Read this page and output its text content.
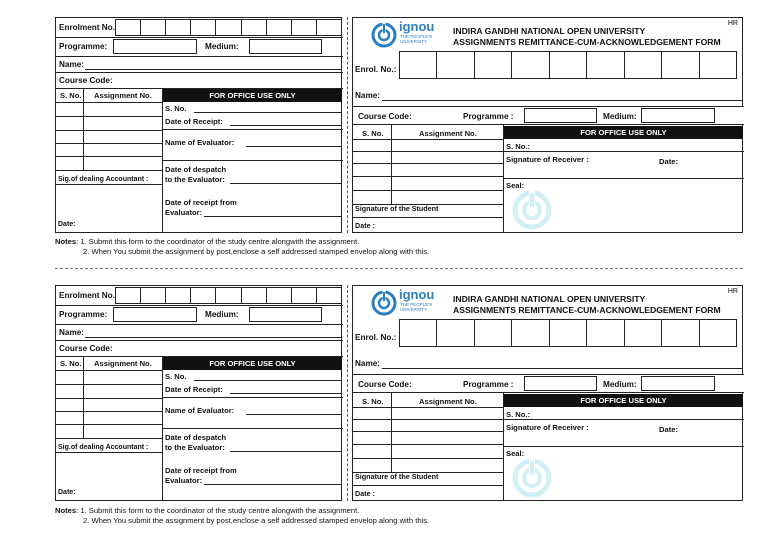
Enrolment No.
Programme:	Medium:
Name:
Course Code:
S. No. Assignment No.
Sig.of dealing Accountant :
Date:
FOR OFFICE USE ONLY
S. No.
Date of Receipt:
Name of Evaluator:
Date of despatch
to the Evaluator:
Date of receipt from
Evaluator:
HR
ignou
THE PEOPLE'S
UNIVERSITY
INDIRA GANDHI NATIONAL OPEN UNIVERSITY
ASSIGNMENTS REMITTANCE-CUM-ACKNOWLEDGEMENT FORM
Enrol. No.:
Name:
Course Code:	Programme :	Medium:
S. No.	Assignment No.
Signature of the Student
Date :
FOR OFFICE USE ONLY
S. No.:
Signature of Receiver :	Date:
Seal:
Notes: 1. Submit this form to the coordinator of the study centre alongwith the assignment.
2. When You submit the assignment by post,enclose a self addressed stamped envelop along with this.
Enrolment No.
Programme:	Medium:
Name:
Course Code:
S. No. Assignment No.
Sig.of dealing Accountant :
Date:
FOR OFFICE USE ONLY
S. No.
Date of Receipt:
Name of Evaluator:
Date of despatch
to the Evaluator:
Date of receipt from
Evaluator:
HR
ignou
THE PEOPLE'S
UNIVERSITY
INDIRA GANDHI NATIONAL OPEN UNIVERSITY
ASSIGNMENTS REMITTANCE-CUM-ACKNOWLEDGEMENT FORM
Enrol. No.:
Name:
Course Code:	Programme :	Medium:
S. No.	Assignment No.
Signature of the Student
Date :
FOR OFFICE USE ONLY
S. No.:
Signature of Receiver :	Date:
Seal:
Notes: 1. Submit this form to the coordinator of the study centre alongwith the assignment.
2. When You submit the assignment by post,enclose a self addressed stamped envelop along with this.
